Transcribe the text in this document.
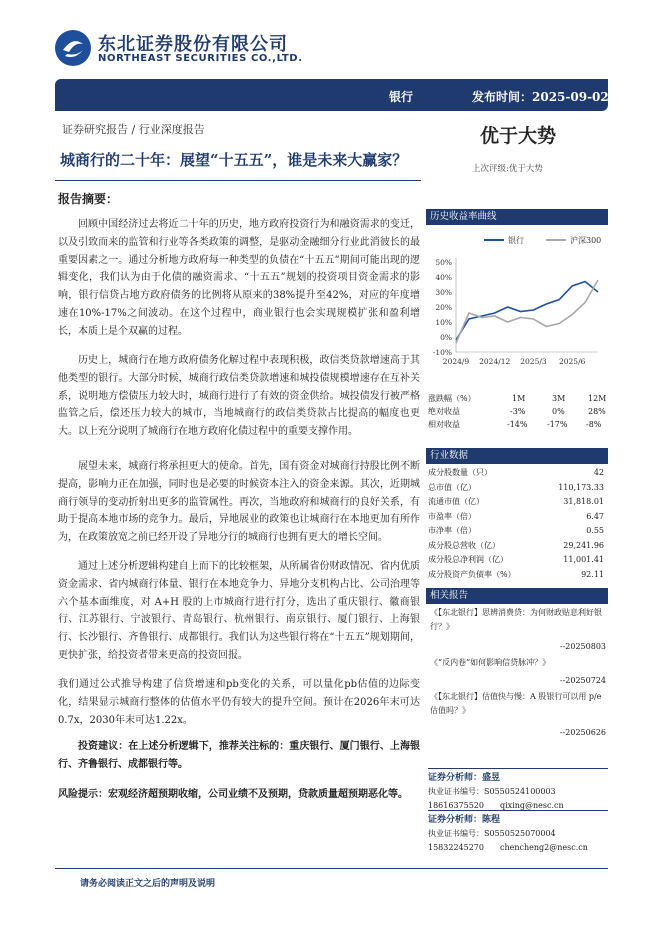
东北证券股份有限公司
NORTHEAST SECURITIES CO.,LTD.
银行	发布时间：2025-09-02
证券研究报告 / 行业深度报告	优于大势
城商行的二十年：展望“十五五”，谁是未来大赢家？	上次评级:优于大势
报告摘要：
回顾中国经济过去将近二十年的历史，地方政府投资行为和融资需求的变迁，以及引致而来的监管和行业等各类政策的调整，是驱动金融细分行业此消彼长的最重要因素之一。通过分析地方政府每一种类型的负债在“十五五”期间可能出现的逻辑变化，我们认为由于化债的融资需求、“十五五”规划的投资项目资金需求的影响，银行信贷占地方政府债务的比例将从原来的38%提升至42%，对应的年度增速在10%-17%之间波动。在这个过程中，商业银行也会实现规模扩张和盈利增长，本质上是个双赢的过程。
历史上，城商行在地方政府债务化解过程中表现积极，政信类贷款增速高于其他类型的银行。大部分时候，城商行政信类贷款增速和城投债规模增速存在互补关系，说明地方偿债压力较大时，城商行进行了有效的资金供给。城投债发行被严格监管之后，偿还压力较大的城市，当地城商行的政信类贷款占比提高的幅度也更大。以上充分说明了城商行在地方政府化债过程中的重要支撑作用。
展望未来，城商行将承担更大的使命。首先，国有资金对城商行持股比例不断提高，影响力正在加强，同时也是必要的时候资本注入的资金来源。其次，近期城商行领导的变动折射出更多的监管属性。再次，当地政府和城商行的良好关系，有助于提高本地市场的竞争力。最后，异地展业的政策也让城商行在本地更加有所作为，在政策放宽之前已经开设了异地分行的城商行也拥有更大的增长空间。
通过上述分析逻辑构建自上而下的比较框架，从所属省份财政情况、省内优质资金需求、省内城商行体量、银行在本地竞争力、异地分支机构占比、公司治理等六个基本面维度，对 A+H 股的上市城商行进行打分，选出了重庆银行、徽商银行、江苏银行、宁波银行、青岛银行、杭州银行、南京银行、厦门银行、上海银行、长沙银行、齐鲁银行、成都银行。我们认为这些银行将在“十五五”规划期间，更快扩张，给投资者带来更高的投资回报。
我们通过公式推导构建了信贷增速和pb变化的关系，可以量化pb估值的边际变化，结果显示城商行整体的估值水平仍有较大的提升空间。预计在2026年末可达0.7x，2030年末可达1.22x。
投资建议：在上述分析逻辑下，推荐关注标的：重庆银行、厦门银行、上海银行、齐鲁银行、成都银行等。
风险提示：宏观经济超预期收缩，公司业绩不及预期，贷款质量超预期恶化等。
历史收益率曲线
-10%
0%
10%
20%
30%
40%
50%
2024/9 2024/12 2025/3 2025/6
银行	沪深300
涨跌幅（%）	1M	3M	12M
绝对收益	-3%	0%	28%
相对收益	-14% -17% -8%
行业数据
成分股数量（只）	42
总市值（亿）	110,173.33
流通市值（亿）	31,818.01
市盈率（倍）	6.47
市净率（倍）	0.55
成分股总营收（亿）	29,241.96
成分股总净利润（亿）	11,001.41
成分股资产负债率（%）	92.11
相关报告
《【东北银行】思辨消费贷：为何财政贴息利好银行？》
--20250803
《“反内卷”如何影响信贷脉冲？》
--20250724
《【东北银行】估值快与慢：A 股银行可以用 p/e 估值吗？》
--20250626
证券分析师：盛昱
执业证书编号：S0550524100003
18616375520 qixing@nesc.cn
证券分析师：陈程
执业证书编号：S0550525070004
15832245270 chencheng2@nesc.cn
请务必阅读正文之后的声明及说明
